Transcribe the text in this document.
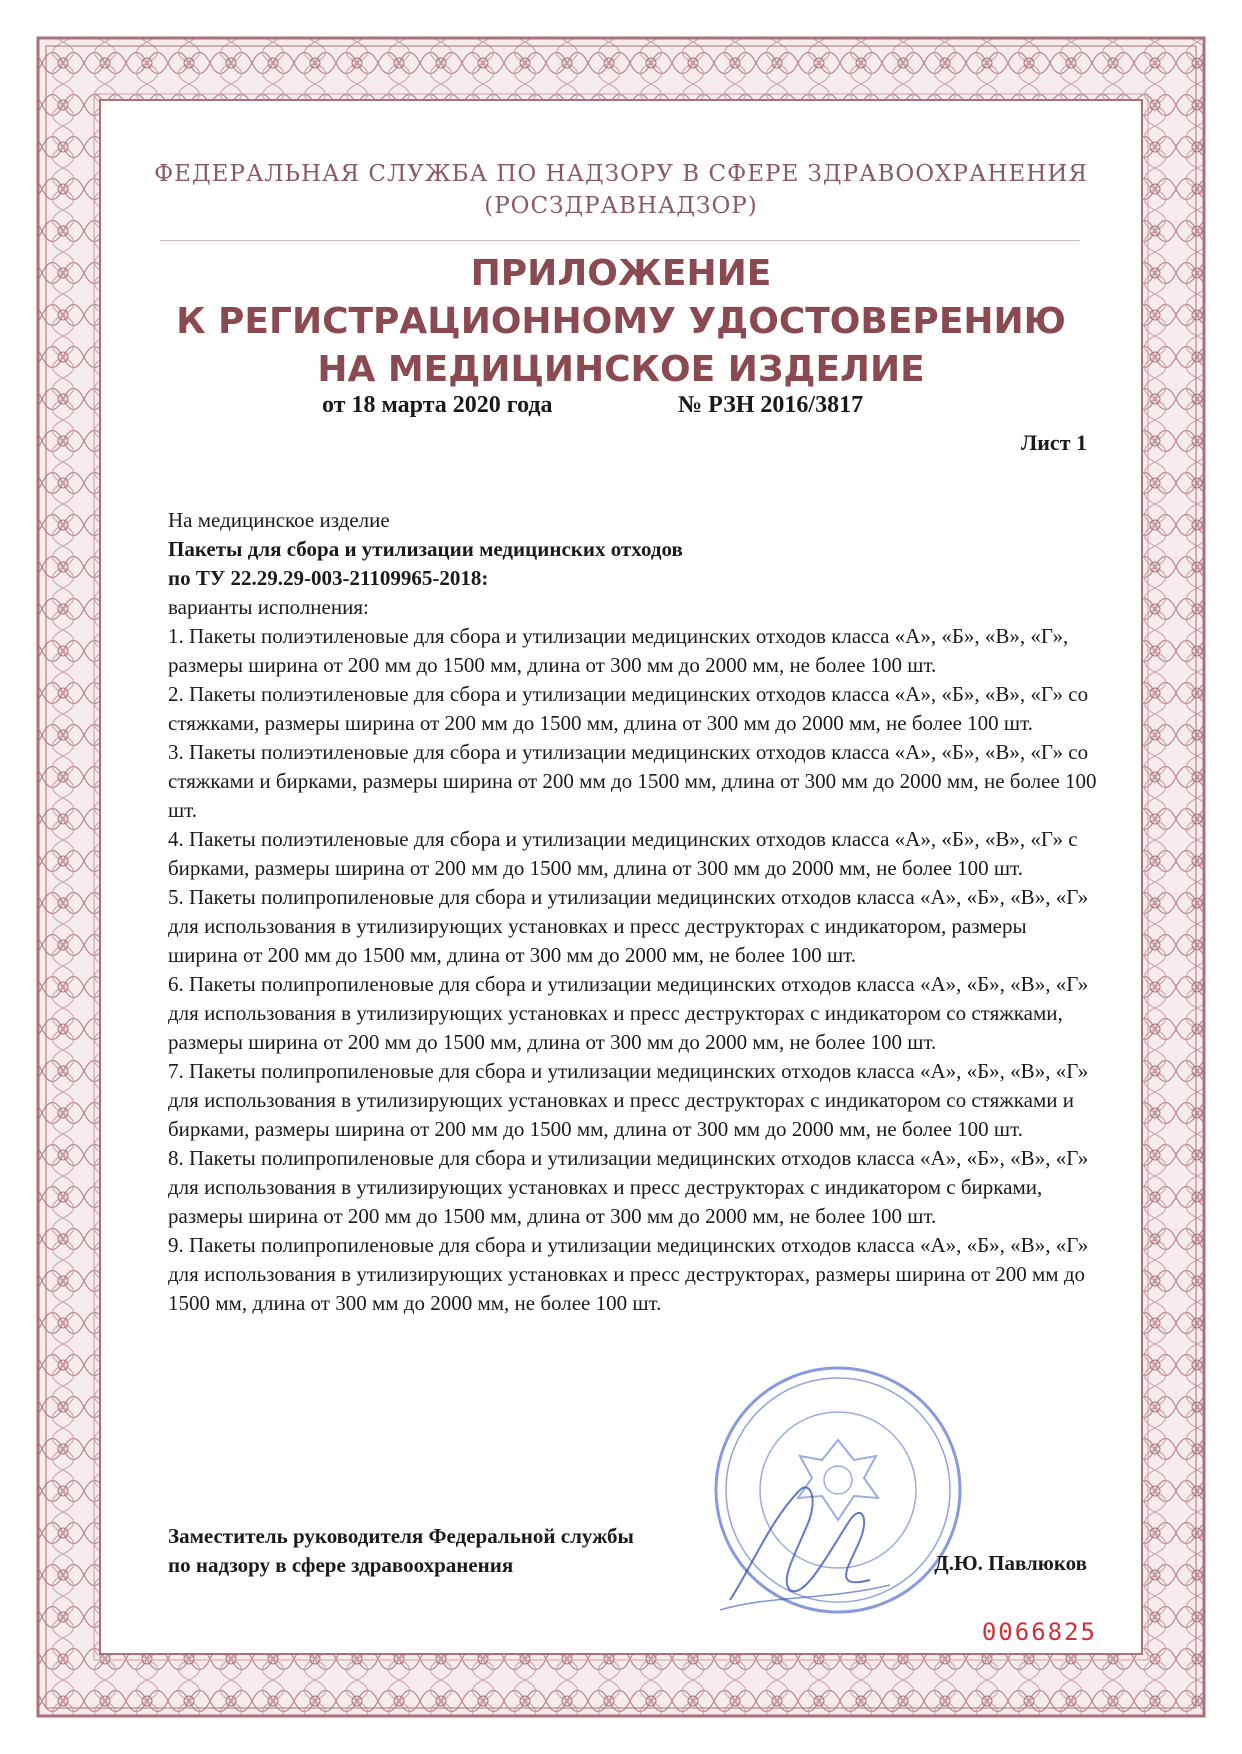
ФЕДЕРАЛЬНАЯ СЛУЖБА ПО НАДЗОРУ В СФЕРЕ ЗДРАВООХРАНЕНИЯ
(РОСЗДРАВНАДЗОР)
ПРИЛОЖЕНИЕ
К РЕГИСТРАЦИОННОМУ УДОСТОВЕРЕНИЮ
НА МЕДИЦИНСКОЕ ИЗДЕЛИЕ
от 18 марта 2020 года	№ РЗН 2016/3817
Лист 1

На медицинское изделие

Пакеты для сбора и утилизации медицинских отходов

по ТУ 22.29.29-003-21109965-2018:

варианты исполнения:

1. Пакеты полиэтиленовые для сбора и утилизации медицинских отходов класса «А», «Б», «В», «Г», размеры ширина от 200 мм до 1500 мм, длина от 300 мм до 2000 мм, не более 100 шт.

2. Пакеты полиэтиленовые для сбора и утилизации медицинских отходов класса «А», «Б», «В», «Г» со стяжками, размеры ширина от 200 мм до 1500 мм, длина от 300 мм до 2000 мм, не более 100 шт.

3. Пакеты полиэтиленовые для сбора и утилизации медицинских отходов класса «А», «Б», «В», «Г» со стяжками и бирками, размеры ширина от 200 мм до 1500 мм, длина от 300 мм до 2000 мм, не более 100 шт.

4. Пакеты полиэтиленовые для сбора и утилизации медицинских отходов класса «А», «Б», «В», «Г» с бирками, размеры ширина от 200 мм до 1500 мм, длина от 300 мм до 2000 мм, не более 100 шт.

5. Пакеты полипропиленовые для сбора и утилизации медицинских отходов класса «А», «Б», «В», «Г» для использования в утилизирующих установках и пресс деструкторах с индикатором, размеры ширина от 200 мм до 1500 мм, длина от 300 мм до 2000 мм, не более 100 шт.

6. Пакеты полипропиленовые для сбора и утилизации медицинских отходов класса «А», «Б», «В», «Г» для использования в утилизирующих установках и пресс деструкторах с индикатором со стяжками, размеры ширина от 200 мм до 1500 мм, длина от 300 мм до 2000 мм, не более 100 шт.

7. Пакеты полипропиленовые для сбора и утилизации медицинских отходов класса «А», «Б», «В», «Г» для использования в утилизирующих установках и пресс деструкторах с индикатором со стяжками и бирками, размеры ширина от 200 мм до 1500 мм, длина от 300 мм до 2000 мм, не более 100 шт.

8. Пакеты полипропиленовые для сбора и утилизации медицинских отходов класса «А», «Б», «В», «Г» для использования в утилизирующих установках и пресс деструкторах с индикатором с бирками, размеры ширина от 200 мм до 1500 мм, длина от 300 мм до 2000 мм, не более 100 шт.

9. Пакеты полипропиленовые для сбора и утилизации медицинских отходов класса «А», «Б», «В», «Г» для использования в утилизирующих установках и пресс деструкторах, размеры ширина от 200 мм до 1500 мм, длина от 300 мм до 2000 мм, не более 100 шт.

Заместитель руководителя Федеральной службы
по надзору в сфере здравоохранения	Д.Ю. Павлюков
0066825
